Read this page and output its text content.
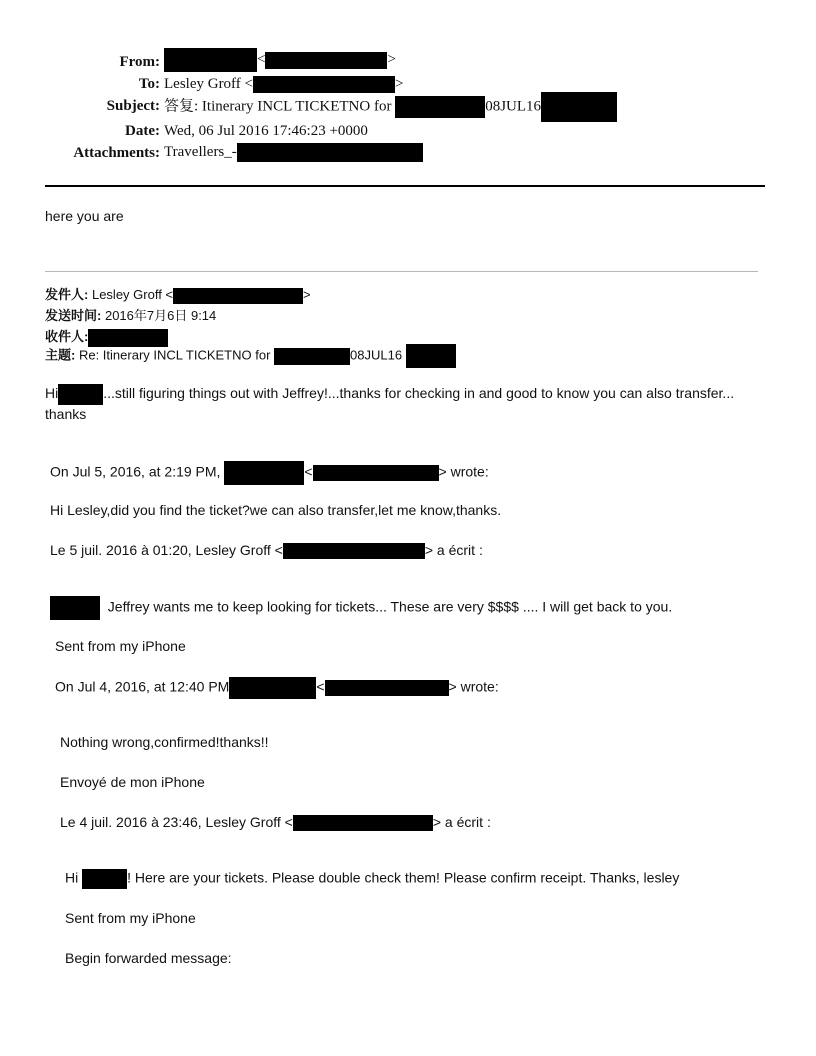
From:	<	>
To: Lesley Groff <	>
Subject: 答复: Itinerary INCL TICKETNO for	08JUL16
Date: Wed, 06 Jul 2016 17:46:23 +0000
Attachments: Travellers_-
here you are
发件人: Lesley Groff <	>
发送时间: 2016年7月6日 9:14
收件人:
主题: Re: Itinerary INCL TICKETNO for	08JUL16
Hi	...still figuring things out with Jeffrey!...thanks for checking in and good to know you can also transfer...
thanks
On Jul 5, 2016, at 2:19 PM,	<	> wrote:
Hi Lesley,did you find the ticket?we can also transfer,let me know,thanks.
Le 5 juil. 2016 à 01:20, Lesley Groff <	> a écrit :
Jeffrey wants me to keep looking for tickets... These are very $$$$ .... I will get back to you.
Sent from my iPhone
On Jul 4, 2016, at 12:40 PM	<	> wrote:
Nothing wrong,confirmed!thanks!!
Envoyé de mon iPhone
Le 4 juil. 2016 à 23:46, Lesley Groff <	> a écrit :
Hi	! Here are your tickets. Please double check them! Please confirm receipt. Thanks, lesley
Sent from my iPhone
Begin forwarded message:
